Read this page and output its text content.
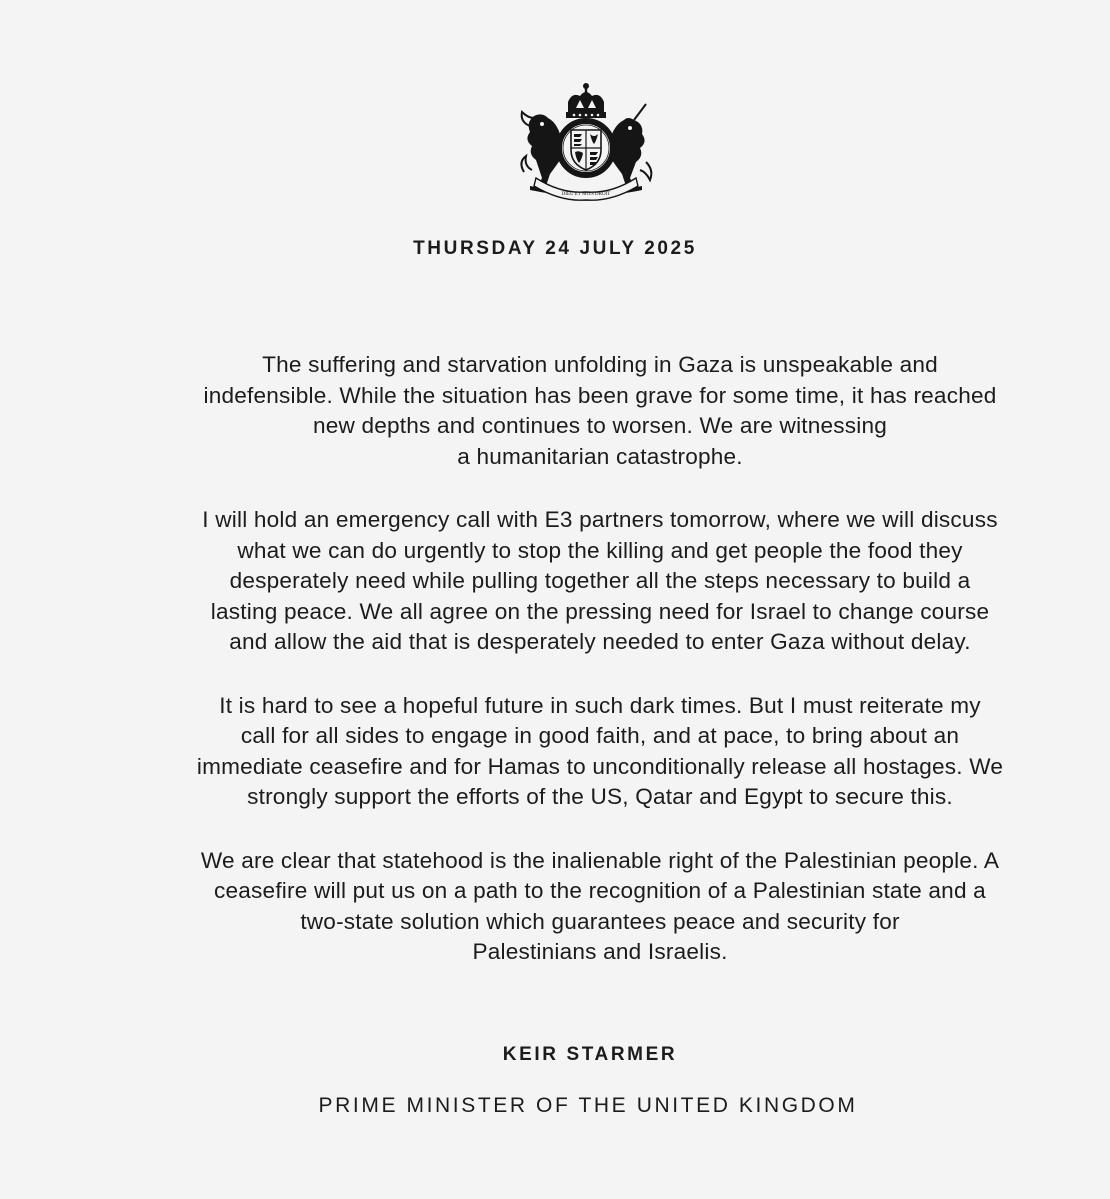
DIEU ET MON DROIT
THURSDAY 24 JULY 2025

The suffering and starvation unfolding in Gaza is unspeakable and
indefensible. While the situation has been grave for some time, it has reached
new depths and continues to worsen. We are witnessing
a humanitarian catastrophe.

I will hold an emergency call with E3 partners tomorrow, where we will discuss
what we can do urgently to stop the killing and get people the food they
desperately need while pulling together all the steps necessary to build a
lasting peace. We all agree on the pressing need for Israel to change course
and allow the aid that is desperately needed to enter Gaza without delay.

It is hard to see a hopeful future in such dark times. But I must reiterate my
call for all sides to engage in good faith, and at pace, to bring about an
immediate ceasefire and for Hamas to unconditionally release all hostages. We
strongly support the efforts of the US, Qatar and Egypt to secure this.

We are clear that statehood is the inalienable right of the Palestinian people. A
ceasefire will put us on a path to the recognition of a Palestinian state and a
two-state solution which guarantees peace and security for
Palestinians and Israelis.

KEIR STARMER
PRIME MINISTER OF THE UNITED KINGDOM
